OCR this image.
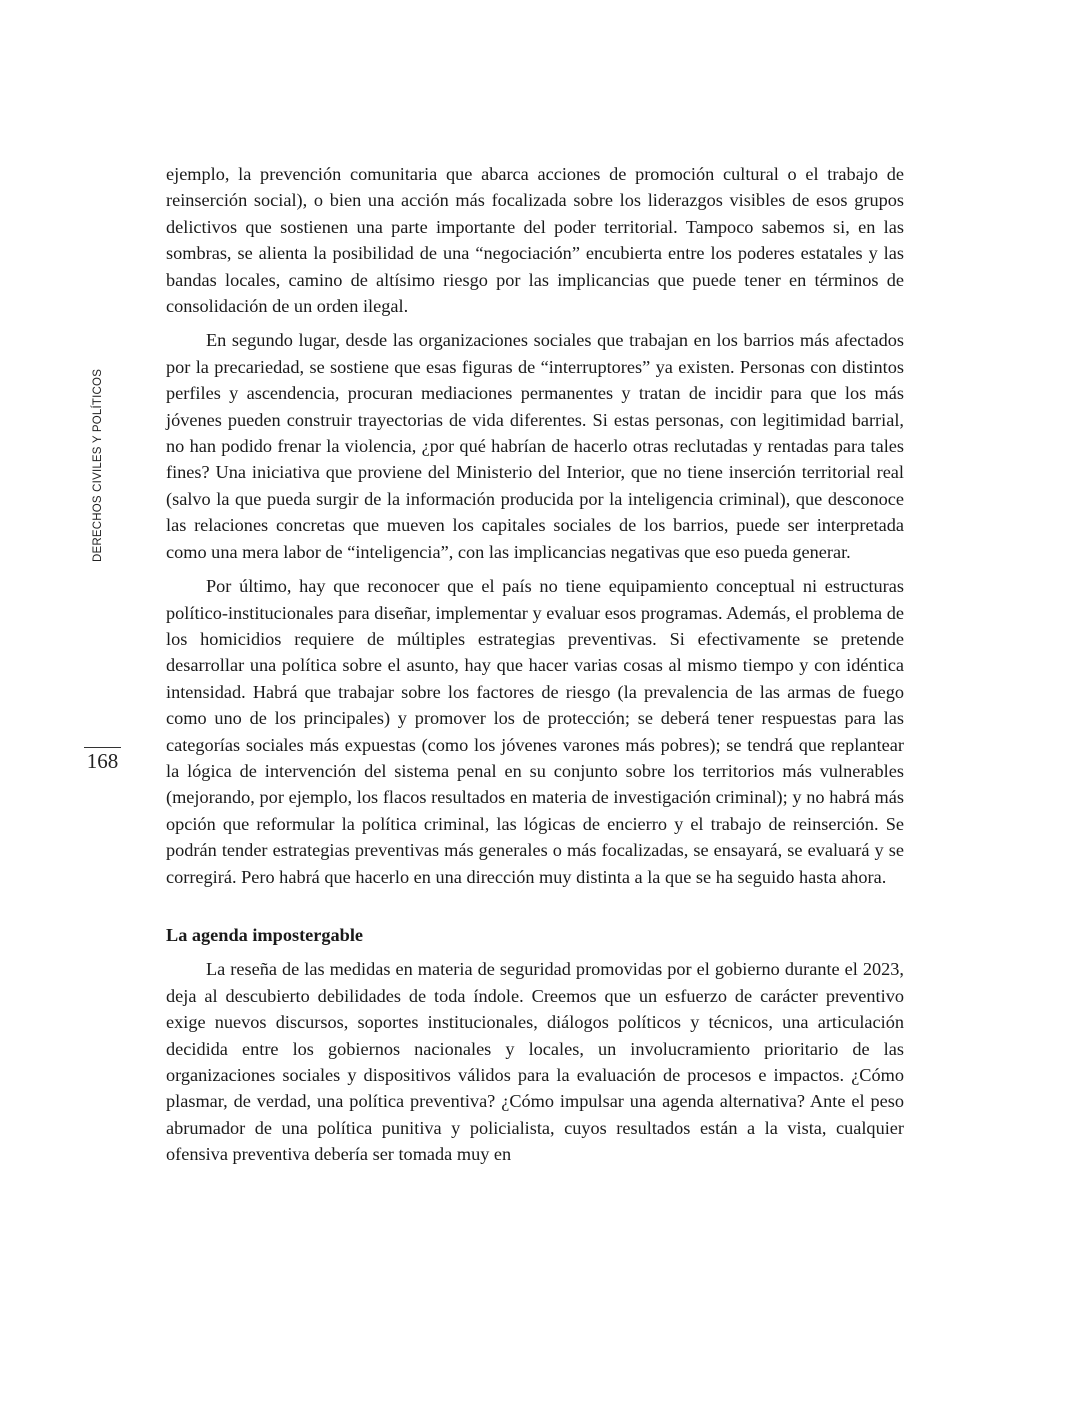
DERECHOS CIVILES Y POLÍTICOS
168

ejemplo, la prevención comunitaria que abarca acciones de promoción cultural o el trabajo de reinserción social), o bien una acción más focalizada sobre los liderazgos visibles de esos grupos delictivos que sostienen una parte importante del poder territorial. Tampoco sabemos si, en las sombras, se alienta la posibilidad de una “negociación” encubierta entre los poderes estatales y las bandas locales, camino de altísimo riesgo por las implicancias que puede tener en términos de consolidación de un orden ilegal.

En segundo lugar, desde las organizaciones sociales que trabajan en los barrios más afectados por la precariedad, se sostiene que esas figuras de “interruptores” ya existen. Personas con distintos perfiles y ascendencia, procuran mediaciones permanentes y tratan de incidir para que los más jóvenes pueden construir trayectorias de vida diferentes. Si estas personas, con legitimidad barrial, no han podido frenar la violencia, ¿por qué habrían de hacerlo otras reclutadas y rentadas para tales fines? Una iniciativa que proviene del Ministerio del Interior, que no tiene inserción territorial real (salvo la que pueda surgir de la información producida por la inteligencia criminal), que desconoce las relaciones concretas que mueven los capitales sociales de los barrios, puede ser interpretada como una mera labor de “inteligencia”, con las implicancias negativas que eso pueda generar.

Por último, hay que reconocer que el país no tiene equipamiento conceptual ni estructuras político-institucionales para diseñar, implementar y evaluar esos programas. Además, el problema de los homicidios requiere de múltiples estrategias preventivas. Si efectivamente se pretende desarrollar una política sobre el asunto, hay que hacer varias cosas al mismo tiempo y con idéntica intensidad. Habrá que trabajar sobre los factores de riesgo (la prevalencia de las armas de fuego como uno de los principales) y promover los de protección; se deberá tener respuestas para las categorías sociales más expuestas (como los jóvenes varones más pobres); se tendrá que replantear la lógica de intervención del sistema penal en su conjunto sobre los territorios más vulnerables (mejorando, por ejemplo, los flacos resultados en materia de investigación criminal); y no habrá más opción que reformular la política criminal, las lógicas de encierro y el trabajo de reinserción. Se podrán tender estrategias preventivas más generales o más focalizadas, se ensayará, se evaluará y se corregirá. Pero habrá que hacerlo en una dirección muy distinta a la que se ha seguido hasta ahora.

La agenda impostergable

La reseña de las medidas en materia de seguridad promovidas por el gobierno durante el 2023, deja al descubierto debilidades de toda índole. Creemos que un esfuerzo de carácter preventivo exige nuevos discursos, soportes institucionales, diálogos políticos y técnicos, una articulación decidida entre los gobiernos nacionales y locales, un involucramiento prioritario de las organizaciones sociales y dispositivos válidos para la evaluación de procesos e impactos. ¿Cómo plasmar, de verdad, una política preventiva? ¿Cómo impulsar una agenda alternativa? Ante el peso abrumador de una política punitiva y policialista, cuyos resultados están a la vista, cualquier ofensiva preventiva debería ser tomada muy en
